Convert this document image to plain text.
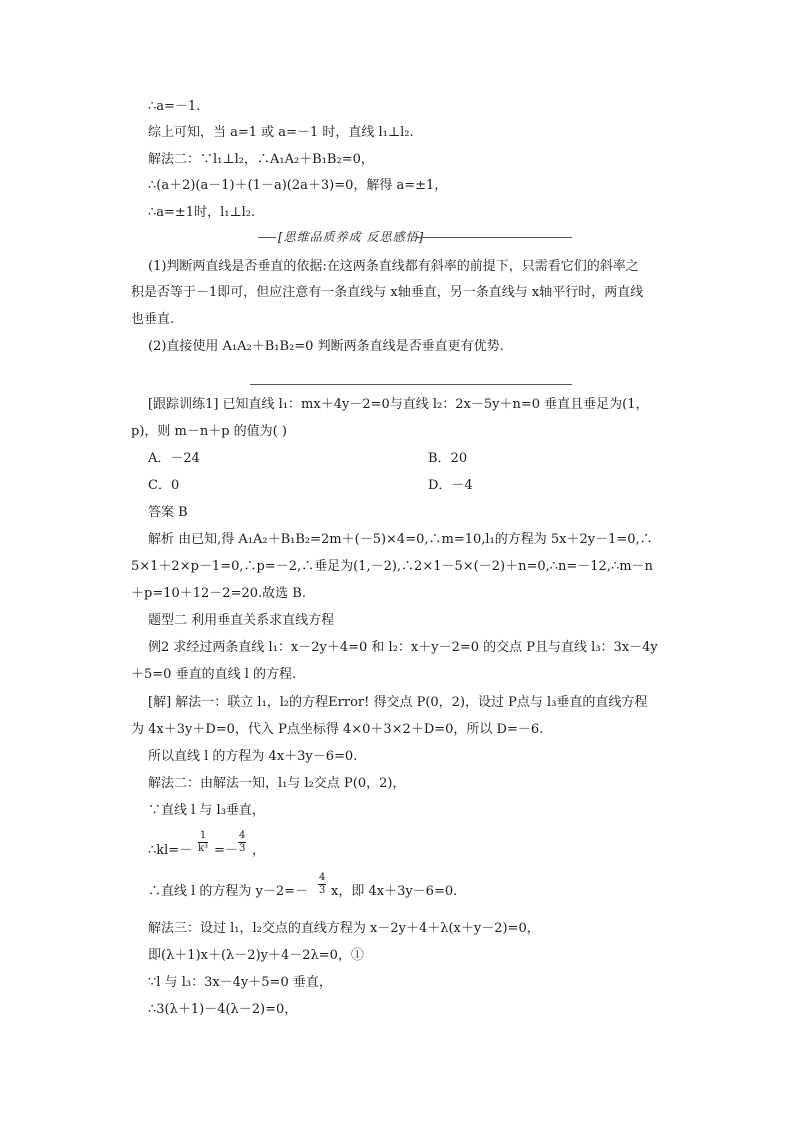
∴a=－1.
综上可知，当 a=1 或 a=－1 时，直线 l₁⊥l₂.
解法二：∵l₁⊥l₂，∴A₁A₂＋B₁B₂=0，
∴(a＋2)(a－1)＋(1－a)(2a＋3)=0，解得 a=±1，
∴a=±1时，l₁⊥l₂.
[思维品质养成 反思感悟]
(1)判断两直线是否垂直的依据:在这两条直线都有斜率的前提下，只需看它们的斜率之
积是否等于－1即可，但应注意有一条直线与 x轴垂直，另一条直线与 x轴平行时，两直线
也垂直.
(2)直接使用 A₁A₂＋B₁B₂=0 判断两条直线是否垂直更有优势.
[跟踪训练1] 已知直线 l₁：mx＋4y－2=0与直线 l₂：2x－5y＋n=0 垂直且垂足为(1，
p)，则 m－n＋p 的值为( )
A．－24	B．20
C．0	D．－4
答案 B
解析 由已知,得 A₁A₂＋B₁B₂=2m＋(－5)×4=0,∴m=10,l₁的方程为 5x＋2y－1=0,∴
5×1＋2×p－1=0,∴p=－2,∴垂足为(1,－2),∴2×1－5×(－2)＋n=0,∴n=－12,∴m－n
＋p=10＋12－2=20.故选 B.
题型二 利用垂直关系求直线方程
例2 求经过两条直线 l₁：x－2y＋4=0 和 l₂：x＋y－2=0 的交点 P且与直线 l₃：3x－4y
＋5=0 垂直的直线 l 的方程.
[解] 解法一：联立 l₁，l₂的方程Error! 得交点 P(0，2)，设过 P点与 l₃垂直的直线方程
为 4x＋3y＋D=0，代入 P点坐标得 4×0＋3×2＋D=0，所以 D=－6.
所以直线 l 的方程为 4x＋3y－6=0.
解法二：由解法一知，l₁与 l₂交点 P(0，2)，
∵直线 l 与 l₃垂直，
∴kl=－ $\frac{1}{\text{k³}} =- \frac{4}{3}$ ，
∴直线 l 的方程为 $y-2=- \frac{4}{3}$ x，即 4x＋3y－6=0.
解法三：设过 l₁，l₂交点的直线方程为 x－2y＋4＋λ(x＋y－2)=0，
即(λ＋1)x＋(λ－2)y＋4－2λ=0，①
∵l 与 l₃：3x－4y＋5=0 垂直，
∴3(λ＋1)－4(λ－2)=0，
